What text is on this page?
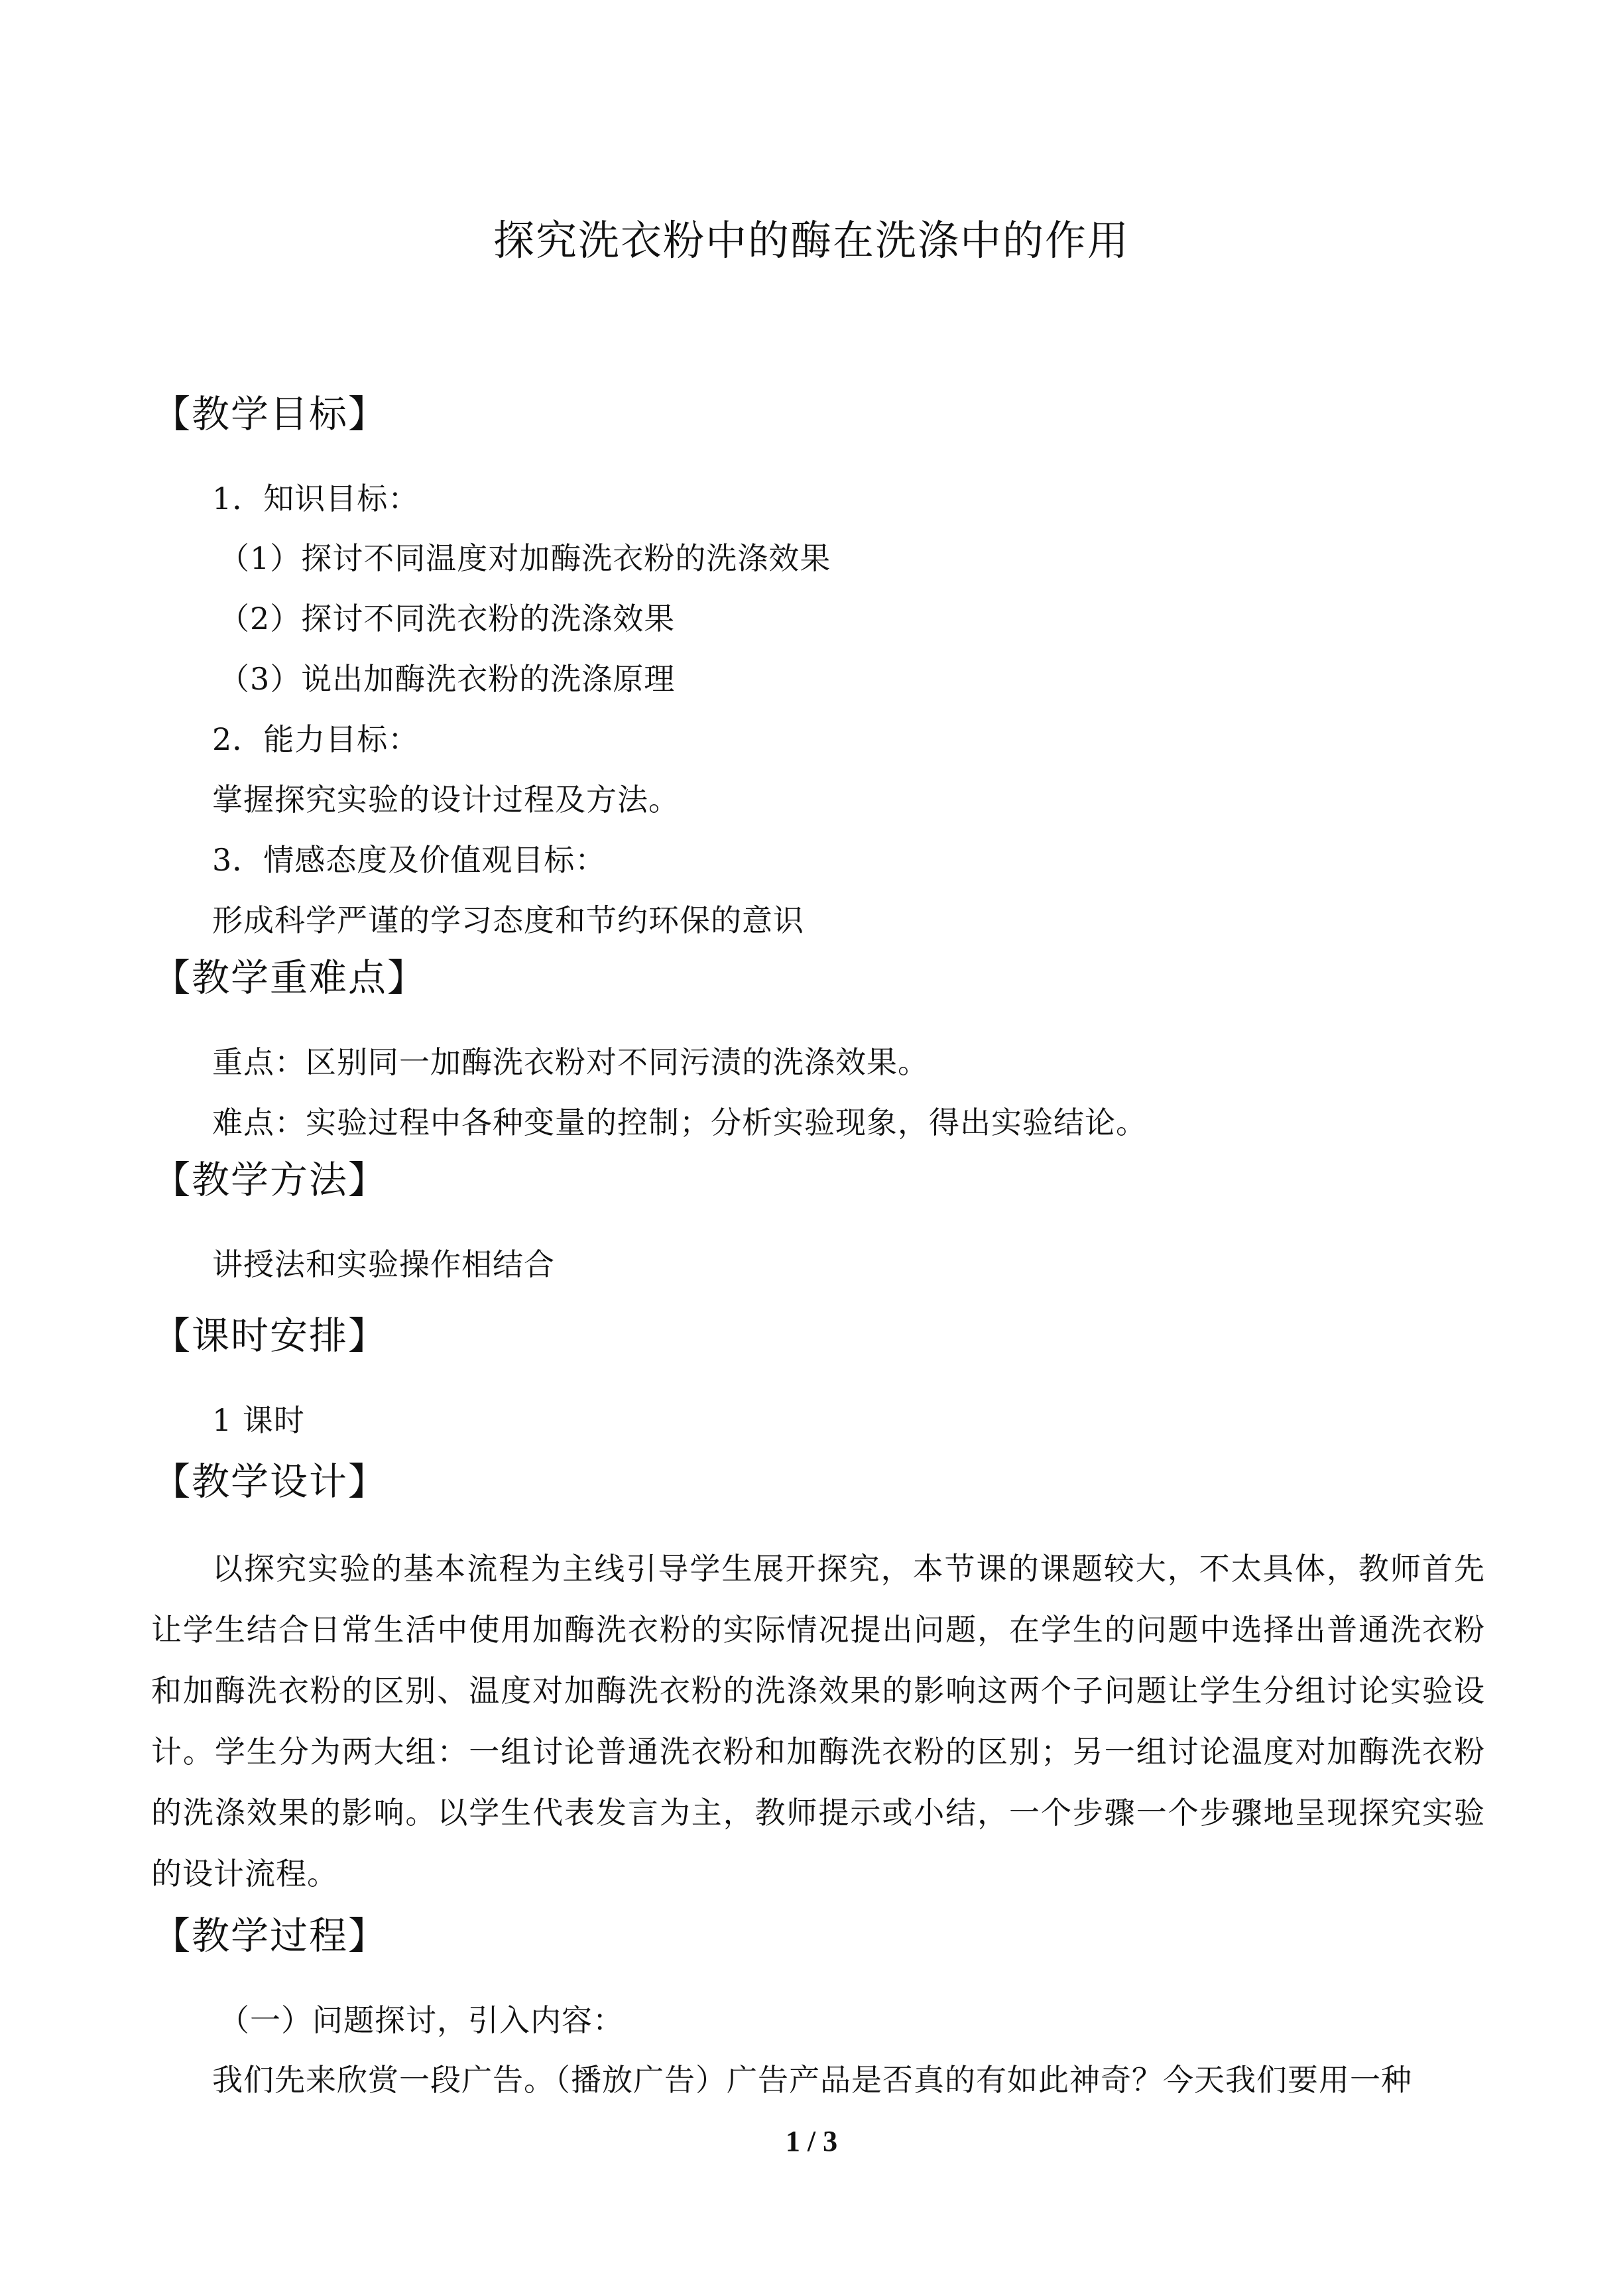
探究洗衣粉中的酶在洗涤中的作用
【教学目标】
1．知识目标：
（1）探讨不同温度对加酶洗衣粉的洗涤效果
（2）探讨不同洗衣粉的洗涤效果
（3）说出加酶洗衣粉的洗涤原理
2．能力目标：
掌握探究实验的设计过程及方法。
3．情感态度及价值观目标：
形成科学严谨的学习态度和节约环保的意识
【教学重难点】
重点：区别同一加酶洗衣粉对不同污渍的洗涤效果。
难点：实验过程中各种变量的控制；分析实验现象，得出实验结论。
【教学方法】
讲授法和实验操作相结合
【课时安排】
1 课时
【教学设计】
以探究实验的基本流程为主线引导学生展开探究，本节课的课题较大，不太具体，教师首先让学生结合日常生活中使用加酶洗衣粉的实际情况提出问题，在学生的问题中选择出普通洗衣粉和加酶洗衣粉的区别、温度对加酶洗衣粉的洗涤效果的影响这两个子问题让学生分组讨论实验设计。学生分为两大组：一组讨论普通洗衣粉和加酶洗衣粉的区别；另一组讨论温度对加酶洗衣粉的洗涤效果的影响。以学生代表发言为主，教师提示或小结，一个步骤一个步骤地呈现探究实验的设计流程。
【教学过程】
（一）问题探讨，引入内容：
我们先来欣赏一段广告。（播放广告）广告产品是否真的有如此神奇？今天我们要用一种
1 / 3
